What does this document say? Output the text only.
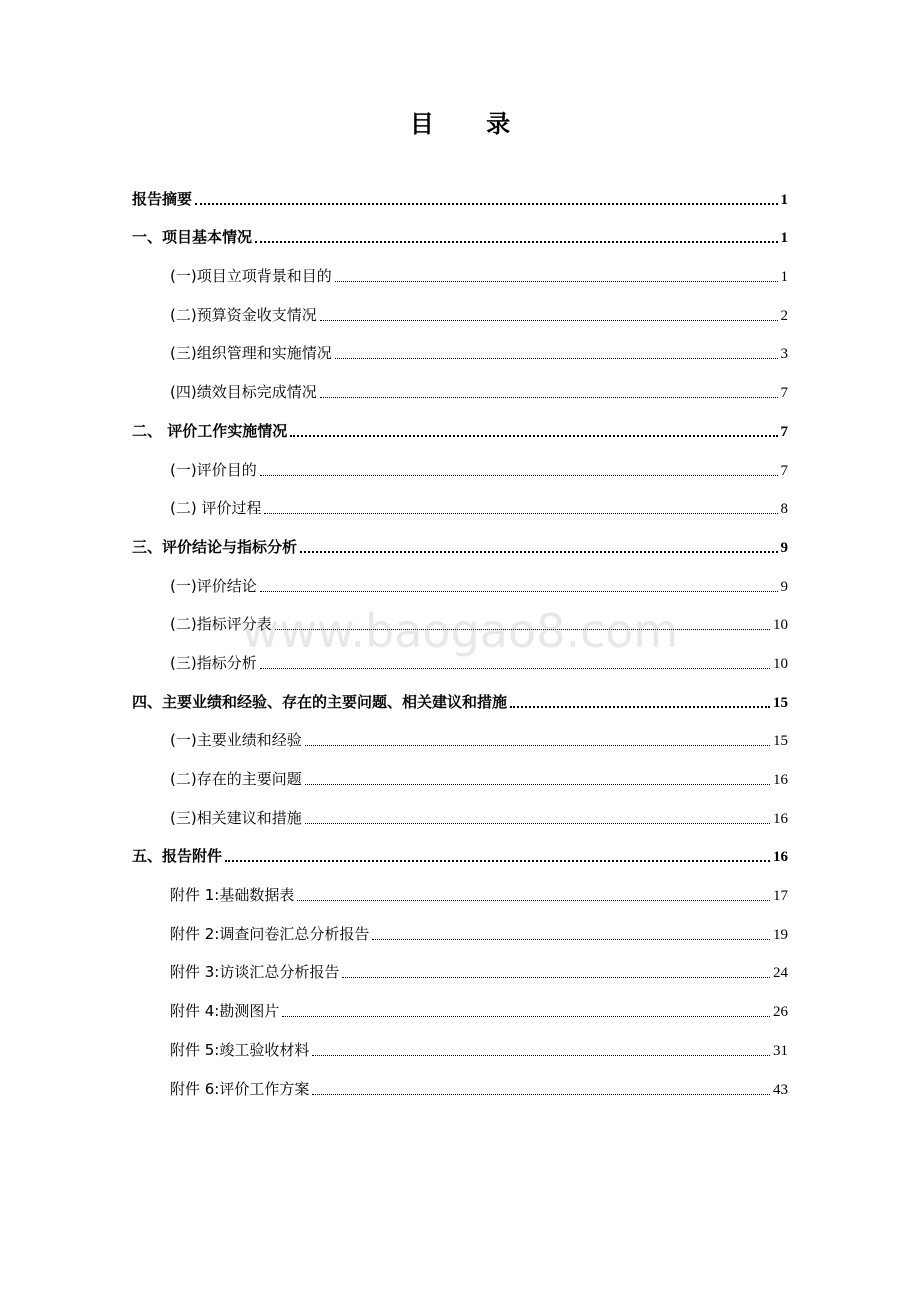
目 录
报告摘要	1
一、项目基本情况	1
(一)项目立项背景和目的	1
(二)预算资金收支情况	2
(三)组织管理和实施情况	3
(四)绩效目标完成情况	7
二、 评价工作实施情况	7
(一)评价目的	7
(二) 评价过程	8
三、评价结论与指标分析	9
(一)评价结论	9
(二)指标评分表	10
(三)指标分析	10
四、主要业绩和经验、存在的主要问题、相关建议和措施	15
(一)主要业绩和经验	15
(二)存在的主要问题	16
(三)相关建议和措施	16
五、报告附件	16
附件 1:基础数据表	17
附件 2:调查问卷汇总分析报告	19
附件 3:访谈汇总分析报告	24
附件 4:勘测图片	26
附件 5:竣工验收材料	31
附件 6:评价工作方案	43
www.baogao8.com
